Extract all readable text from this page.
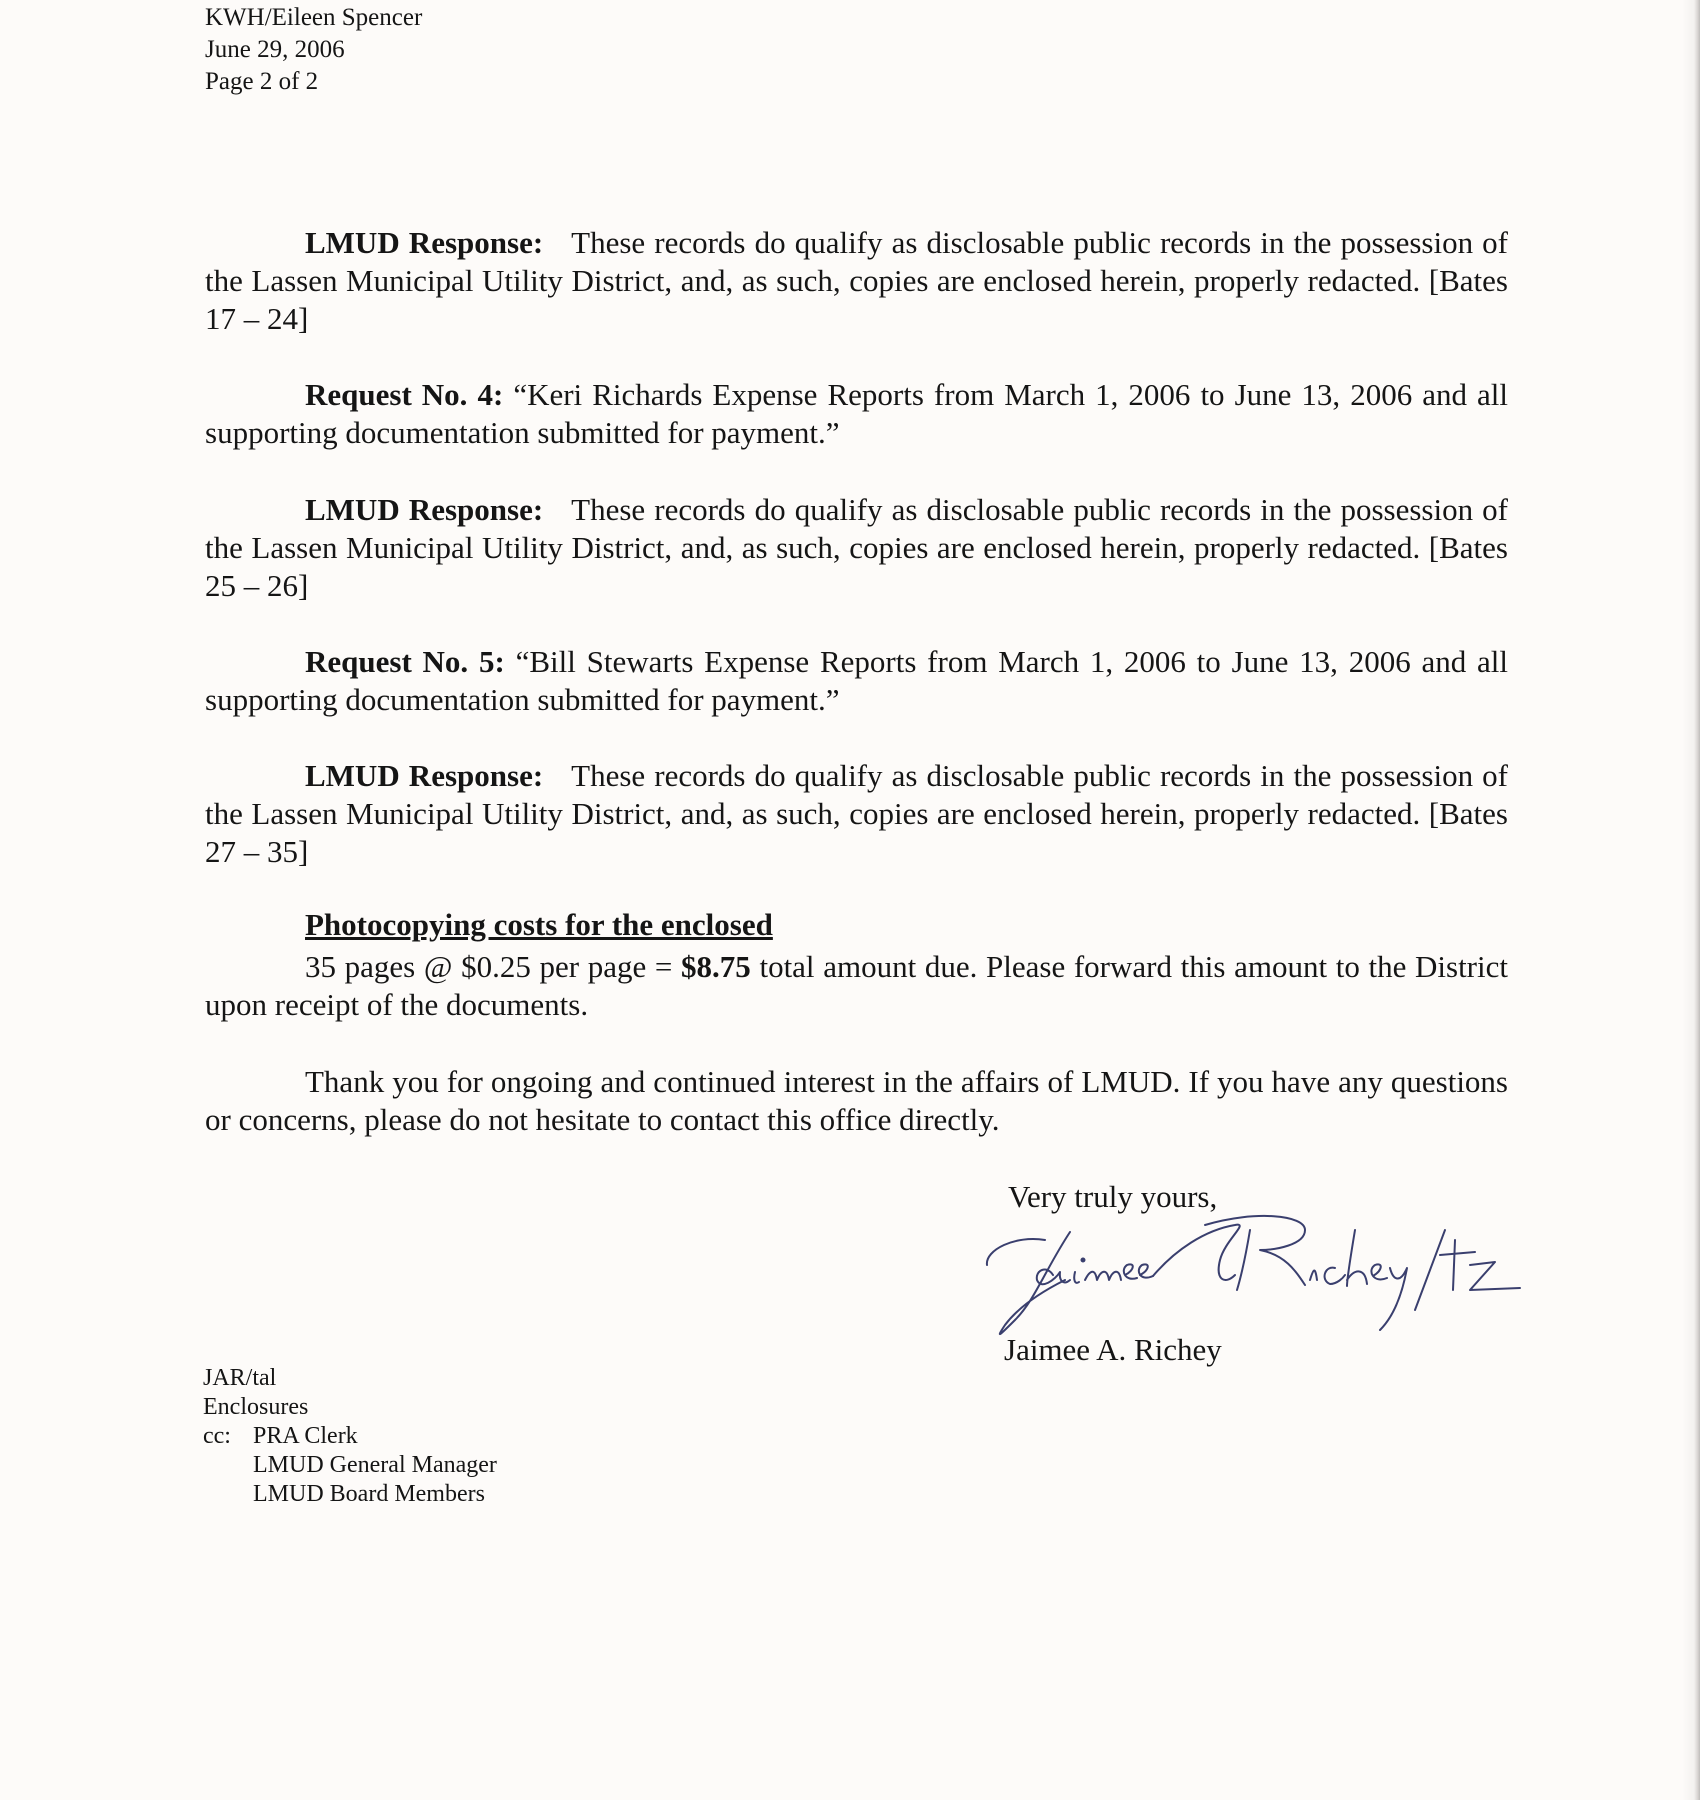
KWH/Eileen Spencer
June 29, 2006
Page 2 of 2

LMUD Response: These records do qualify as disclosable public records in the possession of the Lassen Municipal Utility District, and, as such, copies are enclosed herein, properly redacted. [Bates 17 – 24]

Request No. 4: “Keri Richards Expense Reports from March 1, 2006 to June 13, 2006 and all supporting documentation submitted for payment.”

LMUD Response: These records do qualify as disclosable public records in the possession of the Lassen Municipal Utility District, and, as such, copies are enclosed herein, properly redacted. [Bates 25 – 26]

Request No. 5: “Bill Stewarts Expense Reports from March 1, 2006 to June 13, 2006 and all supporting documentation submitted for payment.”

LMUD Response: These records do qualify as disclosable public records in the possession of the Lassen Municipal Utility District, and, as such, copies are enclosed herein, properly redacted. [Bates 27 – 35]

Photocopying costs for the enclosed

35 pages @ $0.25 per page = $8.75 total amount due. Please forward this amount to the District upon receipt of the documents.

Thank you for ongoing and continued interest in the affairs of LMUD. If you have any questions or concerns, please do not hesitate to contact this office directly.

Very truly yours,
Jaimee A. Richey
JAR/tal
Enclosures
cc: PRA Clerk
LMUD General Manager
LMUD Board Members
